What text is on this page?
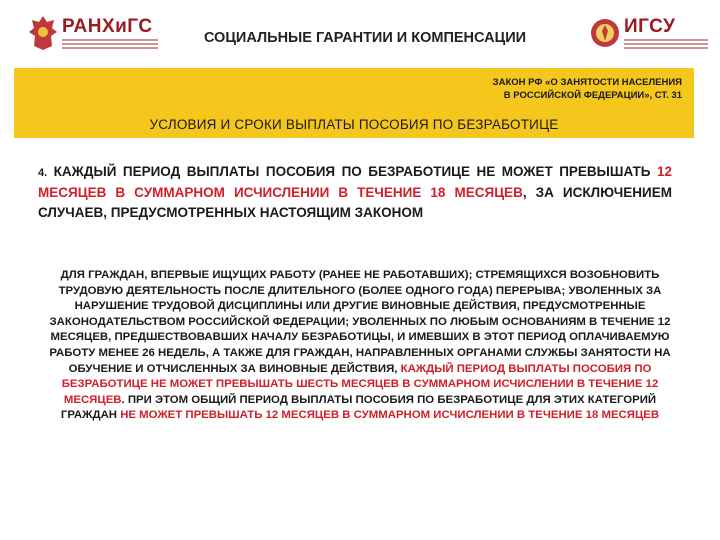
РАНХиГС
СОЦИАЛЬНЫЕ ГАРАНТИИ И КОМПЕНСАЦИИ
ИГСУ
ЗАКОН РФ «О ЗАНЯТОСТИ НАСЕЛЕНИЯ
В РОССИЙСКОЙ ФЕДЕРАЦИИ», СТ. 31
УСЛОВИЯ И СРОКИ ВЫПЛАТЫ ПОСОБИЯ ПО БЕЗРАБОТИЦЕ
4. КАЖДЫЙ ПЕРИОД ВЫПЛАТЫ ПОСОБИЯ ПО БЕЗРАБОТИЦЕ НЕ МОЖЕТ ПРЕВЫШАТЬ 12 МЕСЯЦЕВ В СУММАРНОМ ИСЧИСЛЕНИИ В ТЕЧЕНИЕ 18 МЕСЯЦЕВ, ЗА ИСКЛЮЧЕНИЕМ СЛУЧАЕВ, ПРЕДУСМОТРЕННЫХ НАСТОЯЩИМ ЗАКОНОМ
ДЛЯ ГРАЖДАН, ВПЕРВЫЕ ИЩУЩИХ РАБОТУ (РАНЕЕ НЕ РАБОТАВШИХ); СТРЕМЯЩИХСЯ ВОЗОБНОВИТЬ ТРУДОВУЮ ДЕЯТЕЛЬНОСТЬ ПОСЛЕ ДЛИТЕЛЬНОГО (БОЛЕЕ ОДНОГО ГОДА) ПЕРЕРЫВА; УВОЛЕННЫХ ЗА НАРУШЕНИЕ ТРУДОВОЙ ДИСЦИПЛИНЫ ИЛИ ДРУГИЕ ВИНОВНЫЕ ДЕЙСТВИЯ, ПРЕДУСМОТРЕННЫЕ ЗАКОНОДАТЕЛЬСТВОМ РОССИЙСКОЙ ФЕДЕРАЦИИ; УВОЛЕННЫХ ПО ЛЮБЫМ ОСНОВАНИЯМ В ТЕЧЕНИЕ 12 МЕСЯЦЕВ, ПРЕДШЕСТВОВАВШИХ НАЧАЛУ БЕЗРАБОТИЦЫ, И ИМЕВШИХ В ЭТОТ ПЕРИОД ОПЛАЧИВАЕМУЮ РАБОТУ МЕНЕЕ 26 НЕДЕЛЬ, А ТАКЖЕ ДЛЯ ГРАЖДАН, НАПРАВЛЕННЫХ ОРГАНАМИ СЛУЖБЫ ЗАНЯТОСТИ НА ОБУЧЕНИЕ И ОТЧИСЛЕННЫХ ЗА ВИНОВНЫЕ ДЕЙСТВИЯ, КАЖДЫЙ ПЕРИОД ВЫПЛАТЫ ПОСОБИЯ ПО БЕЗРАБОТИЦЕ НЕ МОЖЕТ ПРЕВЫШАТЬ ШЕСТЬ МЕСЯЦЕВ В СУММАРНОМ ИСЧИСЛЕНИИ В ТЕЧЕНИЕ 12 МЕСЯЦЕВ. ПРИ ЭТОМ ОБЩИЙ ПЕРИОД ВЫПЛАТЫ ПОСОБИЯ ПО БЕЗРАБОТИЦЕ ДЛЯ ЭТИХ КАТЕГОРИЙ ГРАЖДАН НЕ МОЖЕТ ПРЕВЫШАТЬ 12 МЕСЯЦЕВ В СУММАРНОМ ИСЧИСЛЕНИИ В ТЕЧЕНИЕ 18 МЕСЯЦЕВ
